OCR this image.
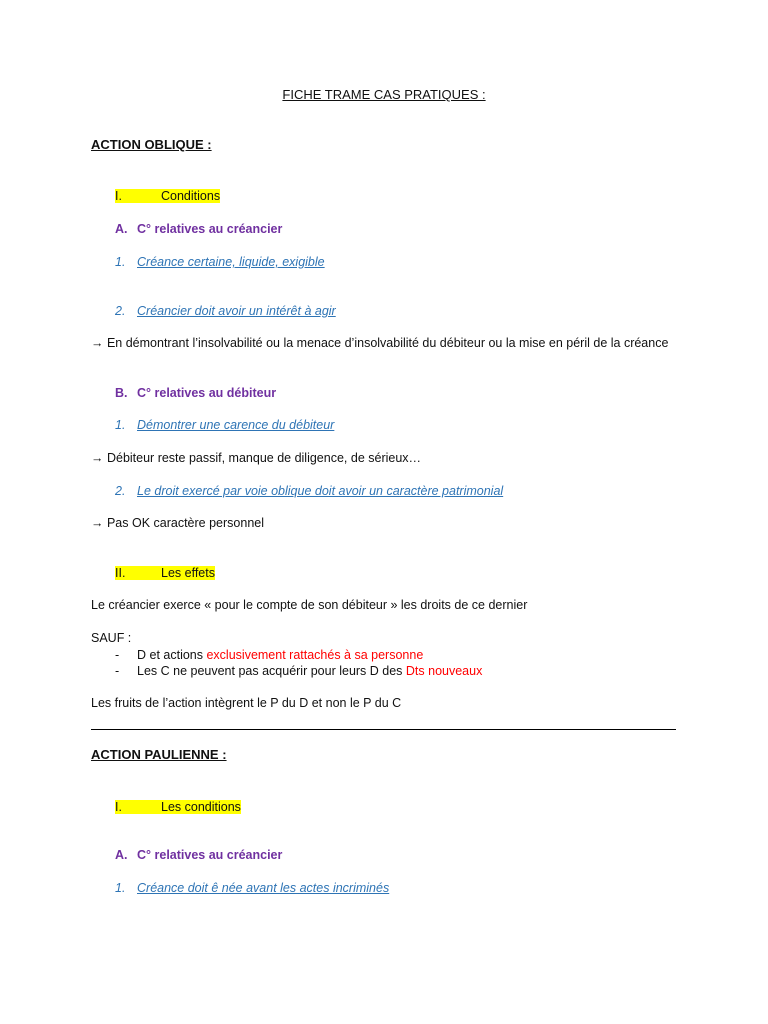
FICHE TRAME CAS PRATIQUES :
ACTION OBLIQUE :
I.	Conditions
A. C° relatives au créancier
1. Créance certaine, liquide, exigible
2. Créancier doit avoir un intérêt à agir
→ En démontrant l’insolvabilité ou la menace d’insolvabilité du débiteur ou la mise en péril de la créance
B. C° relatives au débiteur
1. Démontrer une carence du débiteur
→ Débiteur reste passif, manque de diligence, de sérieux…
2. Le droit exercé par voie oblique doit avoir un caractère patrimonial
→ Pas OK caractère personnel
II.	Les effets
Le créancier exerce « pour le compte de son débiteur » les droits de ce dernier
SAUF :
- D et actions exclusivement rattachés à sa personne
- Les C ne peuvent pas acquérir pour leurs D des Dts nouveaux
Les fruits de l’action intègrent le P du D et non le P du C
ACTION PAULIENNE :
I.	Les conditions
A. C° relatives au créancier
1. Créance doit ê née avant les actes incriminés
